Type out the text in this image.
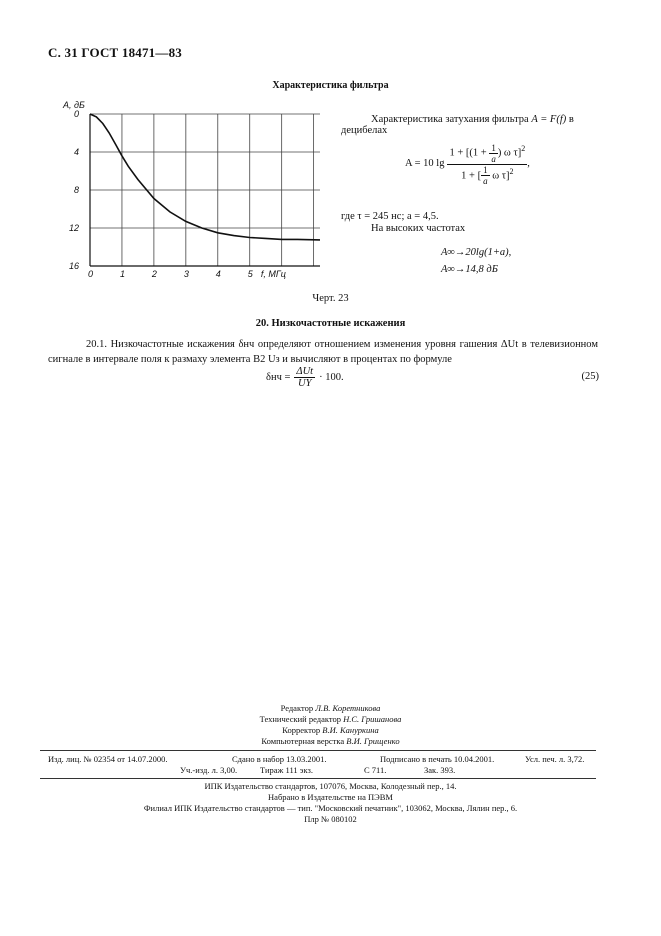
С. 31 ГОСТ 18471—83
Характеристика фильтра
0	1	2	3	4	5 f, МГц
0
4
8
12
16
A, дБ
Характеристика затухания фильтра A = F(f) в
децибелах
A = 10 $\lg \frac{1 + [(1 + \frac{1}{a} ) \omega \tau]^2}{1 + [ \frac{1}{a} \omega \tau]^2}$ ,
где τ = 245 нс; a = 4,5.
На высоких частотах
A∞→20lg(1+a),
A∞→14,8 дБ
Черт. 23
20. Низкочастотные искажения
20.1. Низкочастотные искажения δнч определяют отношением изменения уровня гашения ΔUt в телевизионном сигнале в интервале поля к размаху элемента В2 Uз и вычисляют в процентах по формуле
$\delta нч = \frac{\text{ΔUt}}{UY} \cdot 100$.	(25)
Редактор Л.В. Коретникова
Технический редактор Н.С. Гришанова
Корректор В.И. Кануркина
Компьютерная верстка В.И. Грищенко
Изд. лиц. № 02354 от 14.07.2000.	Сдано в набор 13.03.2001.	Подписано в печать 10.04.2001.	Усл. печ. л. 3,72.
Уч.-изд. л. 3,00.	Тираж 111 экз.	С 711.	Зак. 393.
ИПК Издательство стандартов, 107076, Москва, Колодезный пер., 14.
Набрано в Издательстве на ПЭВМ
Филиал ИПК Издательство стандартов — тип. "Московский печатник", 103062, Москва, Лялин пер., 6.
Плр № 080102
